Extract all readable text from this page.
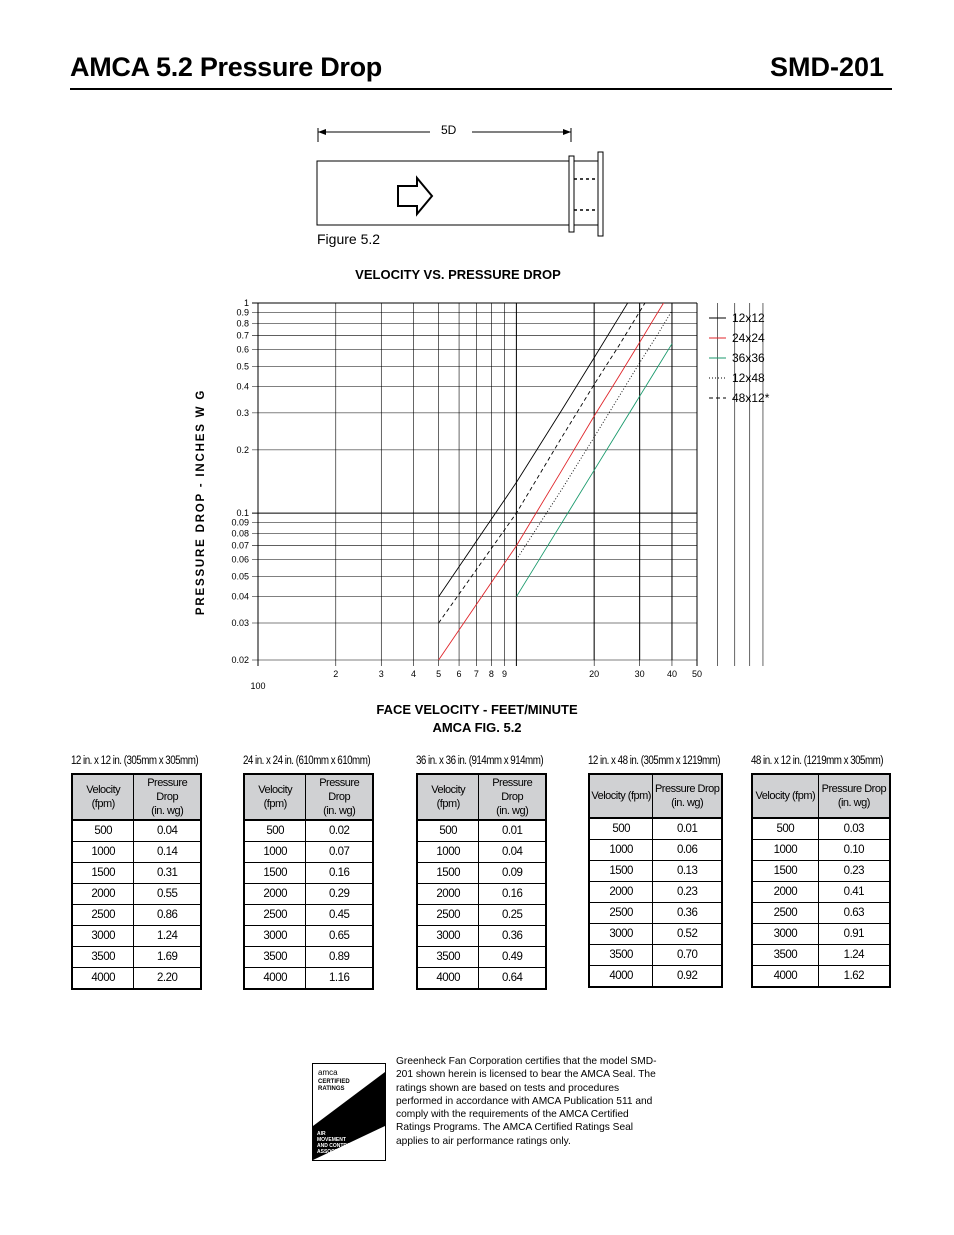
AMCA 5.2 Pressure Drop	SMD-201
5D
Figure 5.2
VELOCITY VS. PRESSURE DROP
1
0.9
0.8
0.7
0.6
0.5
0.4
0.3
0.2
0.1
0.09
0.08
0.07
0.06
0.05
0.04
0.03
0.02
100
2	3	4 5 6 7 8 9	20	30 40 50
12x12
24x24
36x36
12x48
48x12*
PRESSURE DROP - INCHES W G
FACE VELOCITY - FEET/MINUTE
AMCA FIG. 5.2
12 in. x 12 in. (305mm x 305mm)
Velocity (fpm)	Pressure Drop
(in. wg)
500	0.04
1000	0.14
1500	0.31
2000	0.55
2500	0.86
3000	1.24
3500	1.69
4000	2.20
24 in. x 24 in. (610mm x 610mm)
Velocity (fpm)	Pressure Drop
(in. wg)
500	0.02
1000	0.07
1500	0.16
2000	0.29
2500	0.45
3000	0.65
3500	0.89
4000	1.16
36 in. x 36 in. (914mm x 914mm)
Velocity (fpm)	Pressure Drop
(in. wg)
500	0.01
1000	0.04
1500	0.09
2000	0.16
2500	0.25
3000	0.36
3500	0.49
4000	0.64
12 in. x 48 in. (305mm x 1219mm)
Velocity (fpm)	Pressure Drop
(in. wg)
500	0.01
1000	0.06
1500	0.13
2000	0.23
2500	0.36
3000	0.52
3500	0.70
4000	0.92
48 in. x 12 in. (1219mm x 305mm)
Velocity (fpm)	Pressure Drop
(in. wg)
500	0.03
1000	0.10
1500	0.23
2000	0.41
2500	0.63
3000	0.91
3500	1.24
4000	1.62
amca
CERTIFIED
RATINGS
AIR
PERFORMANCE
AIR
MOVEMENT
AND CONTROL
ASSOCIATION, INC.
Greenheck Fan Corporation certifies that the model SMD-201 shown herein is licensed to bear the AMCA Seal. The ratings shown are based on tests and procedures performed in accordance with AMCA Publication 511 and comply with the requirements of the AMCA Certified Ratings Programs. The AMCA Certified Ratings Seal applies to air performance ratings only.
